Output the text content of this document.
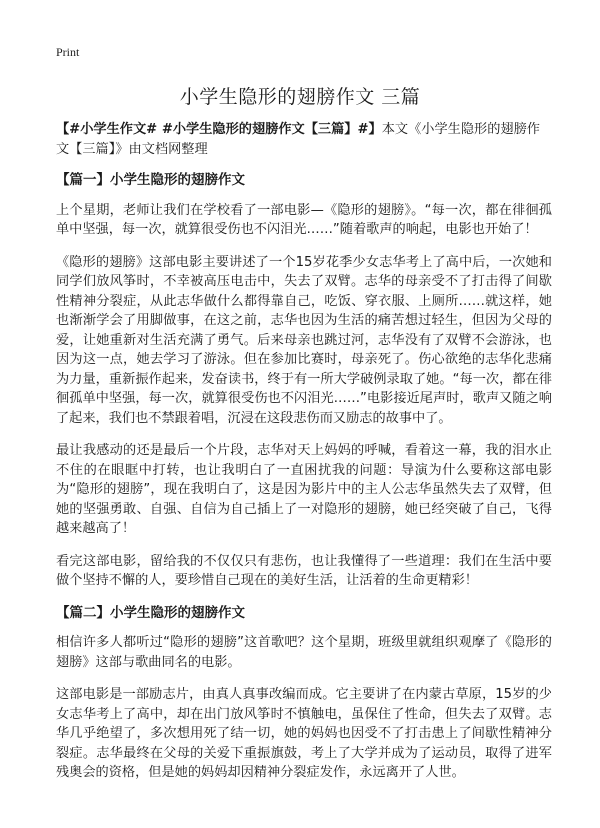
Print
小学生隐形的翅膀作文 三篇

【#小学生作文# #小学生隐形的翅膀作文【三篇】#】本文《小学生隐形的翅膀作文【三篇】》由文档网整理

【篇一】小学生隐形的翅膀作文

上个星期，老师让我们在学校看了一部电影—《隐形的翅膀》。“每一次，都在徘徊孤单中坚强，每一次，就算很受伤也不闪泪光……”随着歌声的响起，电影也开始了！

《隐形的翅膀》这部电影主要讲述了一个15岁花季少女志华考上了高中后，一次她和同学们放风筝时，不幸被高压电击中，失去了双臂。志华的母亲受不了打击得了间歇性精神分裂症，从此志华做什么都得靠自己，吃饭、穿衣服、上厕所……就这样，她也渐渐学会了用脚做事，在这之前，志华也因为生活的痛苦想过轻生，但因为父母的爱，让她重新对生活充满了勇气。后来母亲也跳过河，志华没有了双臂不会游泳，也因为这一点，她去学习了游泳。但在参加比赛时，母亲死了。伤心欲绝的志华化悲痛为力量，重新振作起来，发奋读书，终于有一所大学破例录取了她。“每一次，都在徘徊孤单中坚强，每一次，就算很受伤也不闪泪光……”电影接近尾声时，歌声又随之响了起来，我们也不禁跟着唱，沉浸在这段悲伤而又励志的故事中了。

最让我感动的还是最后一个片段，志华对天上妈妈的呼喊，看着这一幕，我的泪水止不住的在眼眶中打转，也让我明白了一直困扰我的问题：导演为什么要称这部电影为“隐形的翅膀”，现在我明白了，这是因为影片中的主人公志华虽然失去了双臂，但她的坚强勇敢、自强、自信为自己插上了一对隐形的翅膀，她已经突破了自己，飞得越来越高了！

看完这部电影，留给我的不仅仅只有悲伤，也让我懂得了一些道理：我们在生活中要做个坚持不懈的人，要珍惜自己现在的美好生活，让活着的生命更精彩！

【篇二】小学生隐形的翅膀作文

相信许多人都听过“隐形的翅膀”这首歌吧？这个星期，班级里就组织观摩了《隐形的翅膀》这部与歌曲同名的电影。

这部电影是一部励志片，由真人真事改编而成。它主要讲了在内蒙古草原，15岁的少女志华考上了高中，却在出门放风筝时不慎触电，虽保住了性命，但失去了双臂。志华几乎绝望了，多次想用死了结一切，她的妈妈也因受不了打击患上了间歇性精神分裂症。志华最终在父母的关爱下重振旗鼓，考上了大学并成为了运动员，取得了进军残奥会的资格，但是她的妈妈却因精神分裂症发作，永远离开了人世。
